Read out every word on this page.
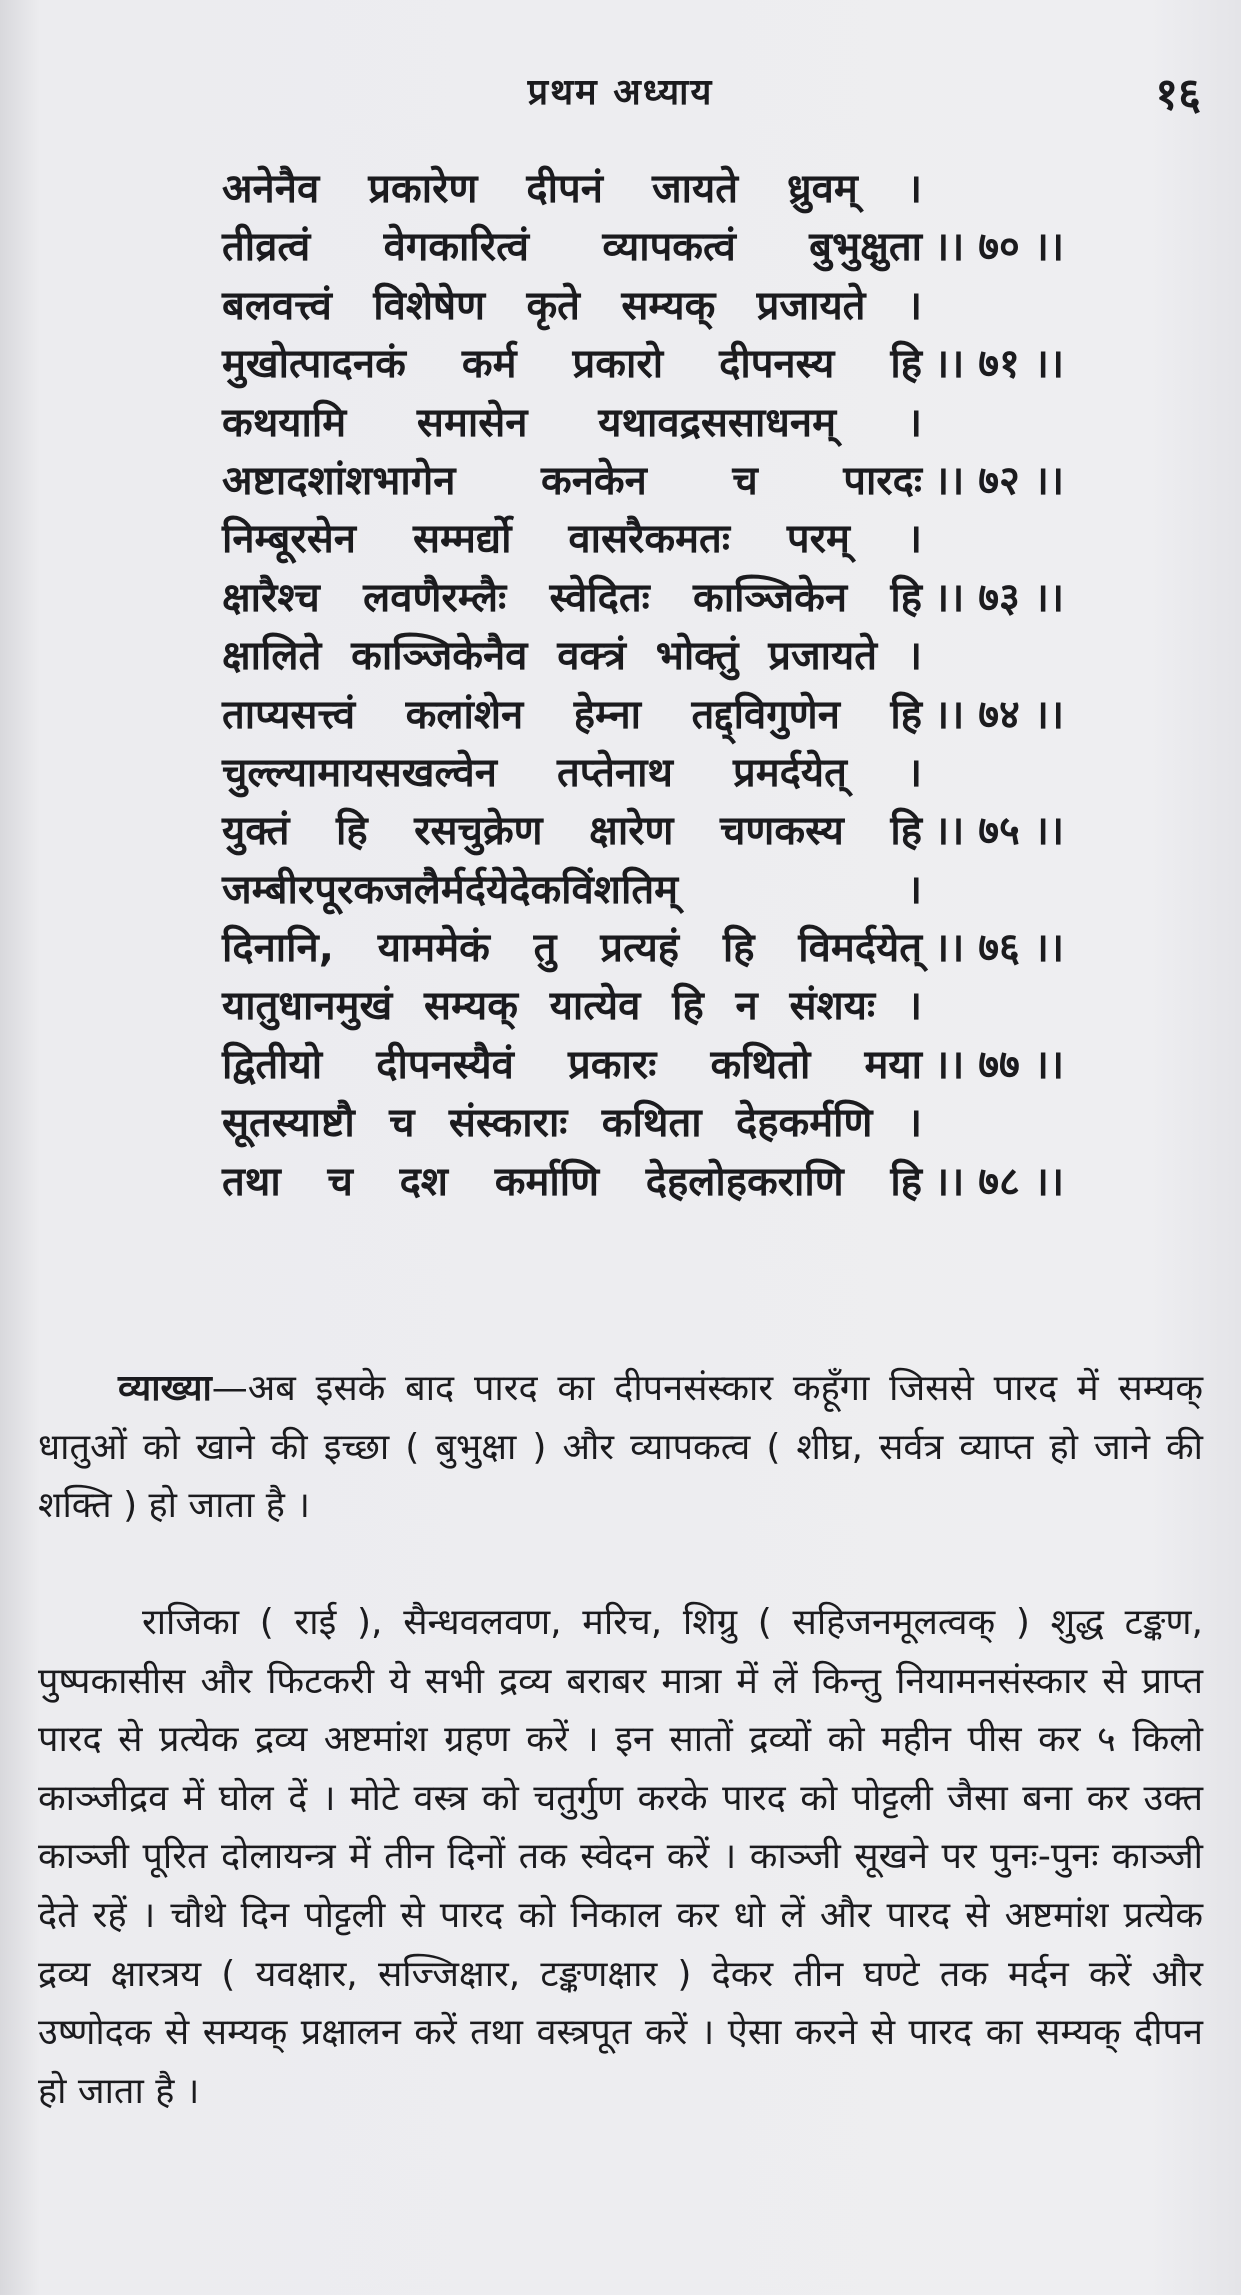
प्रथम अध्याय	१६
अनेनैव प्रकारेण दीपनं जायते ध्रुवम् ।
तीव्रत्वं वेगकारित्वं व्यापकत्वं बुभुक्षुता ।। ७० ।।
बलवत्त्वं विशेषेण कृते सम्यक् प्रजायते ।
मुखोत्पादनकं कर्म प्रकारो दीपनस्य हि ।। ७१ ।।
कथयामि समासेन यथावद्रससाधनम् ।
अष्टादशांशभागेन कनकेन च पारदः ।। ७२ ।।
निम्बूरसेन सम्मर्द्यो वासरैकमतः परम् ।
क्षारैश्च लवणैरम्लैः स्वेदितः काञ्जिकेन हि ।। ७३ ।।
क्षालिते काञ्जिकेनैव वक्त्रं भोक्तुं प्रजायते ।
ताप्यसत्त्वं कलांशेन हेम्ना तद्द्विगुणेन हि ।। ७४ ।।
चुल्ल्यामायसखल्वेन तप्तेनाथ प्रमर्दयेत् ।
युक्तं हि रसचुक्रेण क्षारेण चणकस्य हि ।। ७५ ।।
जम्बीरपूरकजलैर्मर्दयेदेकविंशतिम् ।
दिनानि, याममेकं तु प्रत्यहं हि विमर्दयेत् ।। ७६ ।।
यातुधानमुखं सम्यक् यात्येव हि न संशयः ।
द्वितीयो दीपनस्यैवं प्रकारः कथितो मया ।। ७७ ।।
सूतस्याष्टौ च संस्काराः कथिता देहकर्मणि ।
तथा च दश कर्माणि देहलोहकराणि हि ।। ७८ ।।

व्याख्या—अब इसके बाद पारद का दीपनसंस्कार कहूँगा जिससे पारद में सम्यक् धातुओं को खाने की इच्छा ( बुभुक्षा ) और व्यापकत्व ( शीघ्र, सर्वत्र व्याप्त हो जाने की शक्ति ) हो जाता है ।

राजिका ( राई ), सैन्धवलवण, मरिच, शिग्रु ( सहिजनमूलत्वक् ) शुद्ध टङ्कण, पुष्पकासीस और फिटकरी ये सभी द्रव्य बराबर मात्रा में लें किन्तु नियामनसंस्कार से प्राप्त पारद से प्रत्येक द्रव्य अष्टमांश ग्रहण करें । इन सातों द्रव्यों को महीन पीस कर ५ किलो काञ्जीद्रव में घोल दें । मोटे वस्त्र को चतुर्गुण करके पारद को पोट्टली जैसा बना कर उक्त काञ्जी पूरित दोलायन्त्र में तीन दिनों तक स्वेदन करें । काञ्जी सूखने पर पुनः-पुनः काञ्जी देते रहें । चौथे दिन पोट्टली से पारद को निकाल कर धो लें और पारद से अष्टमांश प्रत्येक द्रव्य क्षारत्रय ( यवक्षार, सज्जिक्षार, टङ्कणक्षार ) देकर तीन घण्टे तक मर्दन करें और उष्णोदक से सम्यक् प्रक्षालन करें तथा वस्त्रपूत करें । ऐसा करने से पारद का सम्यक् दीपन हो जाता है ।
